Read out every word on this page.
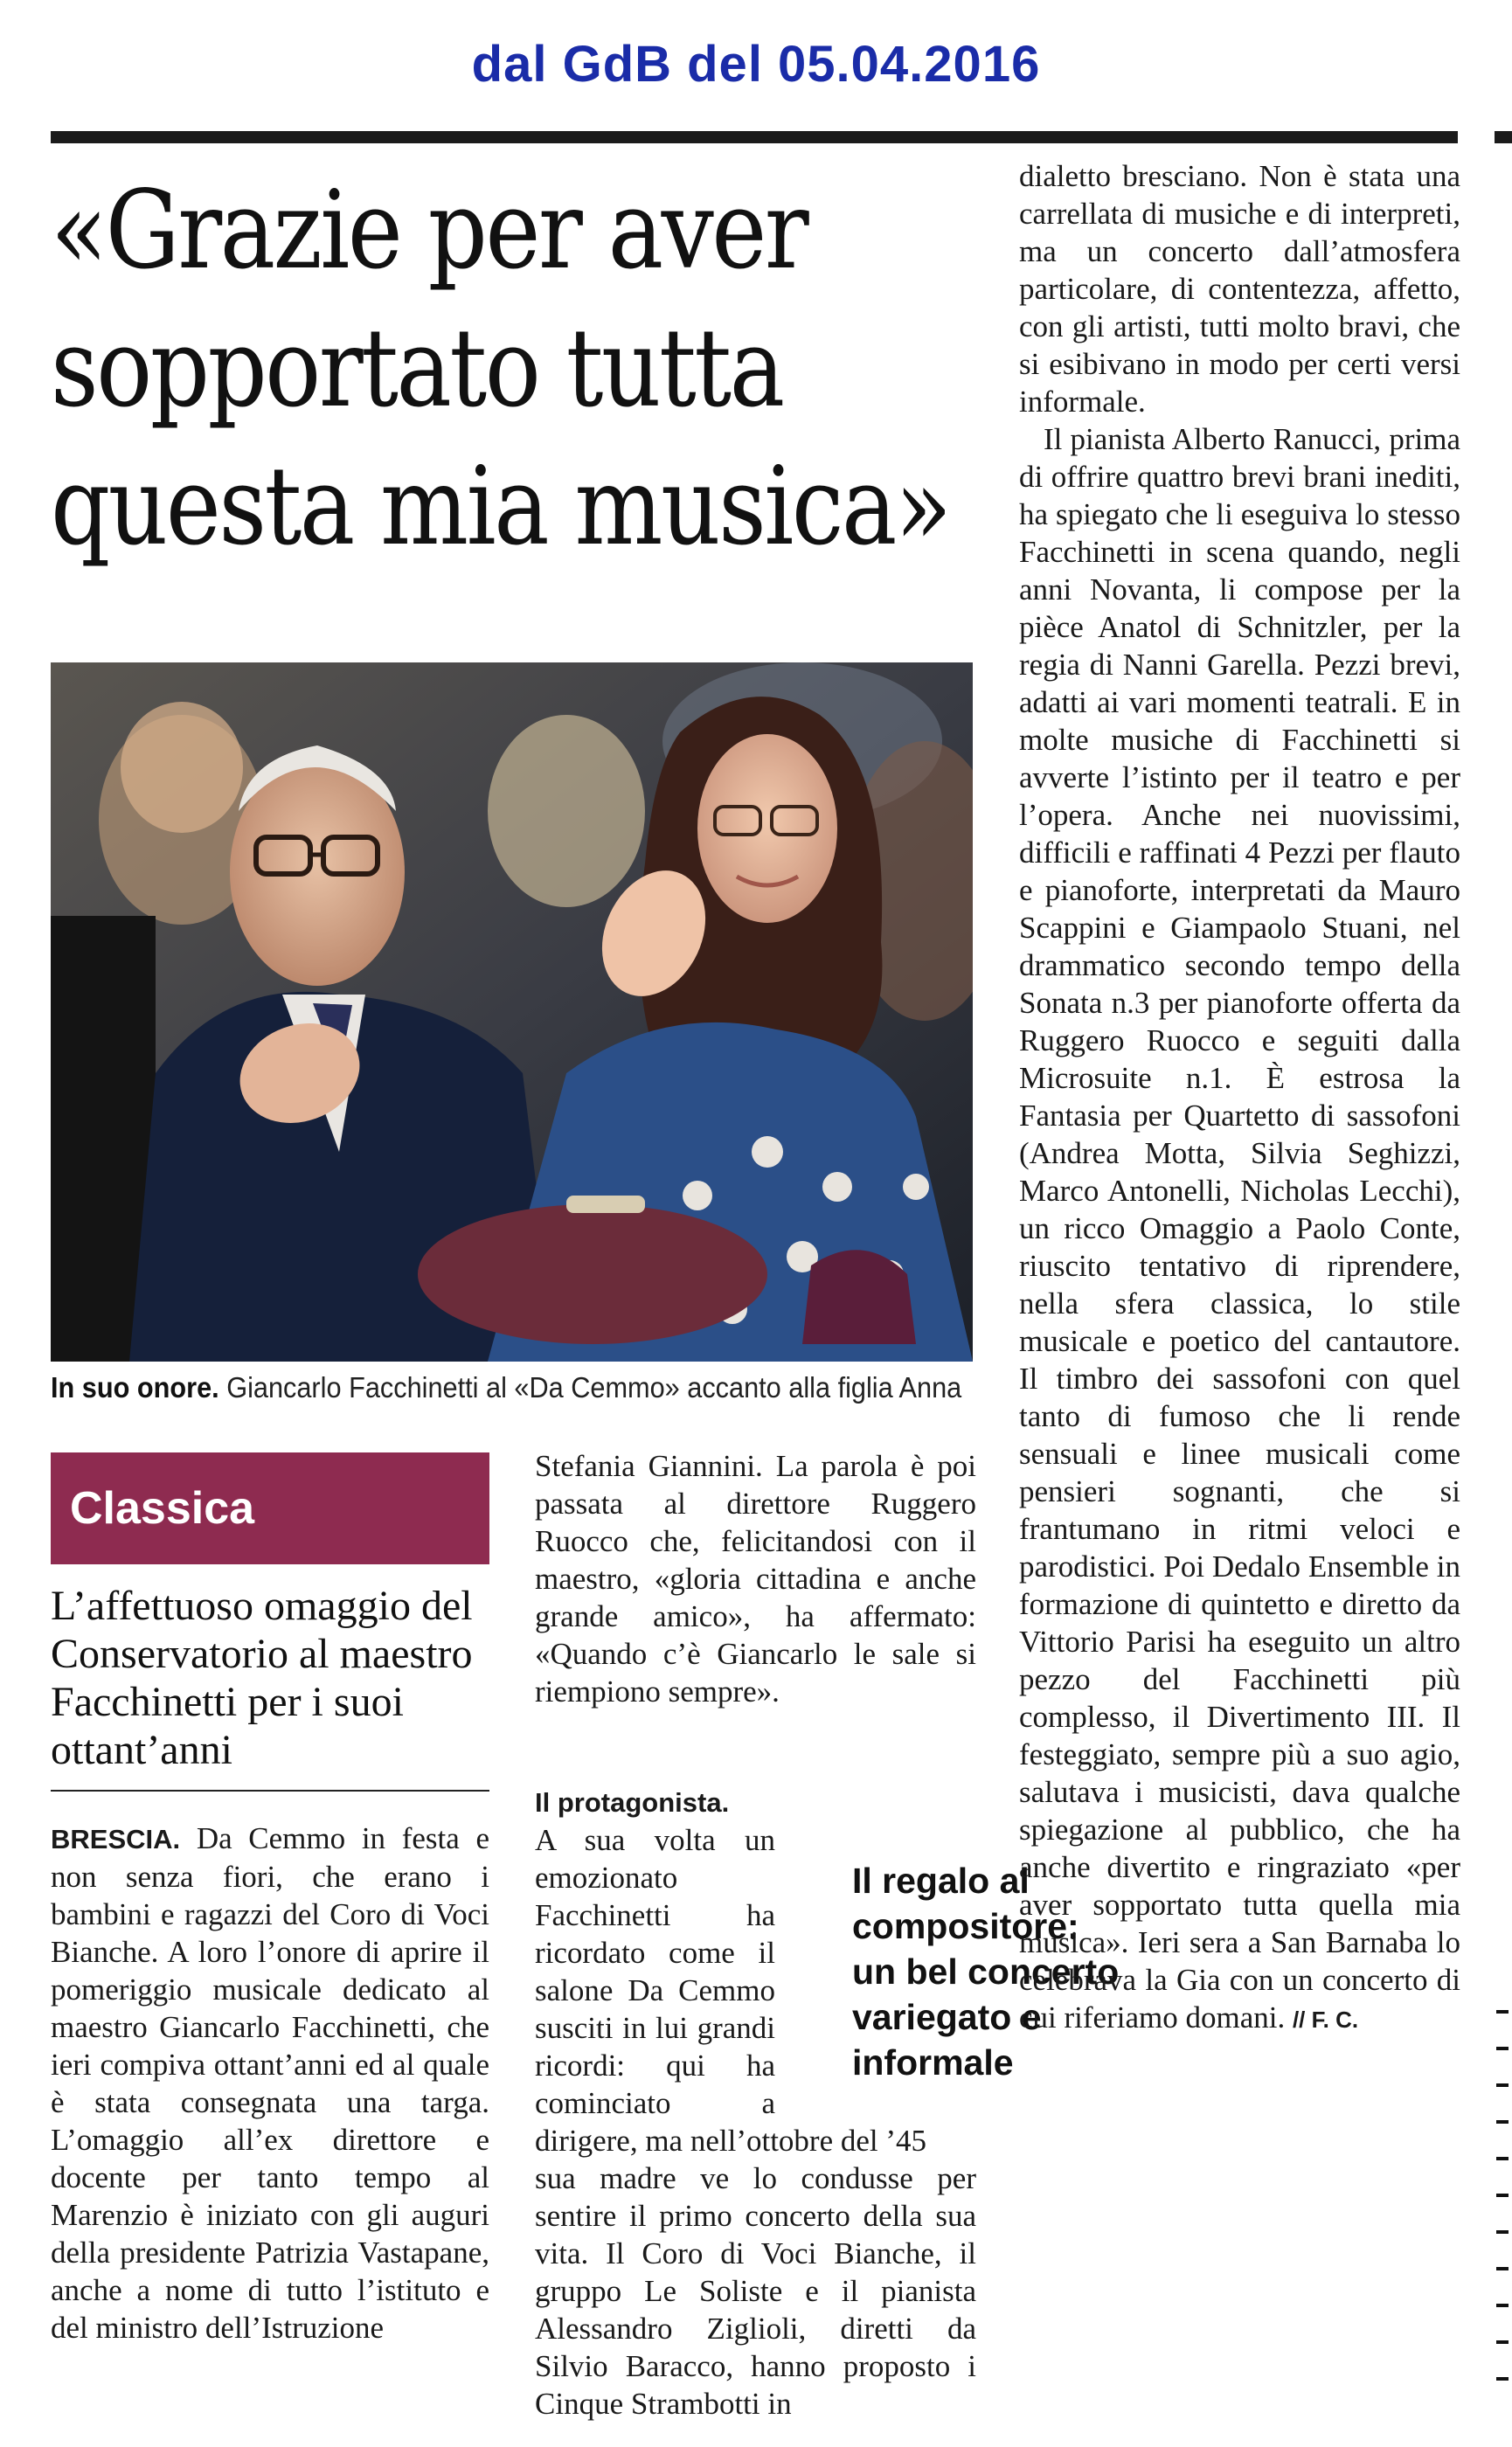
dal GdB del 05.04.2016
«Grazie per aver
sopportato tutta
questa mia musica»
In suo onore. Giancarlo Facchinetti al «Da Cemmo» accanto alla figlia Anna
Classica
L’affettuoso omaggio del Conservatorio al maestro Facchinetti per i suoi ottant’anni

BRESCIA. Da Cemmo in festa e non senza fiori, che erano i bambini e ragazzi del Coro di Voci Bianche. A loro l’onore di aprire il pomeriggio musicale dedicato al maestro Giancarlo Facchinetti, che ieri compiva ottant’anni ed al quale è stata consegnata una targa. L’omaggio all’ex direttore e docente per tanto tempo al Marenzio è iniziato con gli auguri della presidente Patrizia Vastapane, anche a nome di tutto l’istituto e del ministro dell’Istruzione

Stefania Giannini. La parola è poi passata al direttore Ruggero Ruocco che, felicitandosi con il maestro, «gloria cittadina e anche grande amico», ha affermato: «Quando c’è Giancarlo le sale si riempiono sempre».

Il protagonista.

A sua volta un emozionato Facchinetti ha ricordato come il salone Da Cemmo susciti in lui grandi ricordi: qui ha cominciato a dirigere, ma nell’ottobre del ’45

sua madre ve lo condusse per sentire il primo concerto della sua vita. Il Coro di Voci Bianche, il gruppo Le Soliste e il pianista Alessandro Ziglioli, diretti da Silvio Baracco, hanno proposto i Cinque Strambotti in

Il regalo al compositore: un bel concerto variegato e informale

dialetto bresciano. Non è stata una carrellata di musiche e di interpreti, ma un concerto dall’atmosfera particolare, di contentezza, affetto, con gli artisti, tutti molto bravi, che si esibivano in modo per certi versi informale.

Il pianista Alberto Ranucci, prima di offrire quattro brevi brani inediti, ha spiegato che li eseguiva lo stesso Facchinetti in scena quando, negli anni Novanta, li compose per la pièce Anatol di Schnitzler, per la regia di Nanni Garella. Pezzi brevi, adatti ai vari momenti teatrali. E in molte musiche di Facchinetti si avverte l’istinto per il teatro e per l’opera. Anche nei nuovissimi, difficili e raffinati 4 Pezzi per flauto e pianoforte, interpretati da Mauro Scappini e Giampaolo Stuani, nel drammatico secondo tempo della Sonata n.3 per pianoforte offerta da Ruggero Ruocco e seguiti dalla Microsuite n.1. È estrosa la Fantasia per Quartetto di sassofoni (Andrea Motta, Silvia Seghizzi, Marco Antonelli, Nicholas Lecchi), un ricco Omaggio a Paolo Conte, riuscito tentativo di riprendere, nella sfera classica, lo stile musicale e poetico del cantautore. Il timbro dei sassofoni con quel tanto di fumoso che li rende sensuali e linee musicali come pensieri sognanti, che si frantumano in ritmi veloci e parodistici. Poi Dedalo Ensemble in formazione di quintetto e diretto da Vittorio Parisi ha eseguito un altro pezzo del Facchinetti più complesso, il Divertimento III. Il festeggiato, sempre più a suo agio, salutava i musicisti, dava qualche spiegazione al pubblico, che ha anche divertito e ringraziato «per aver sopportato tutta quella mia musica». Ieri sera a San Barnaba lo celebrava la Gia con un concerto di cui riferiamo domani. // F. C.
